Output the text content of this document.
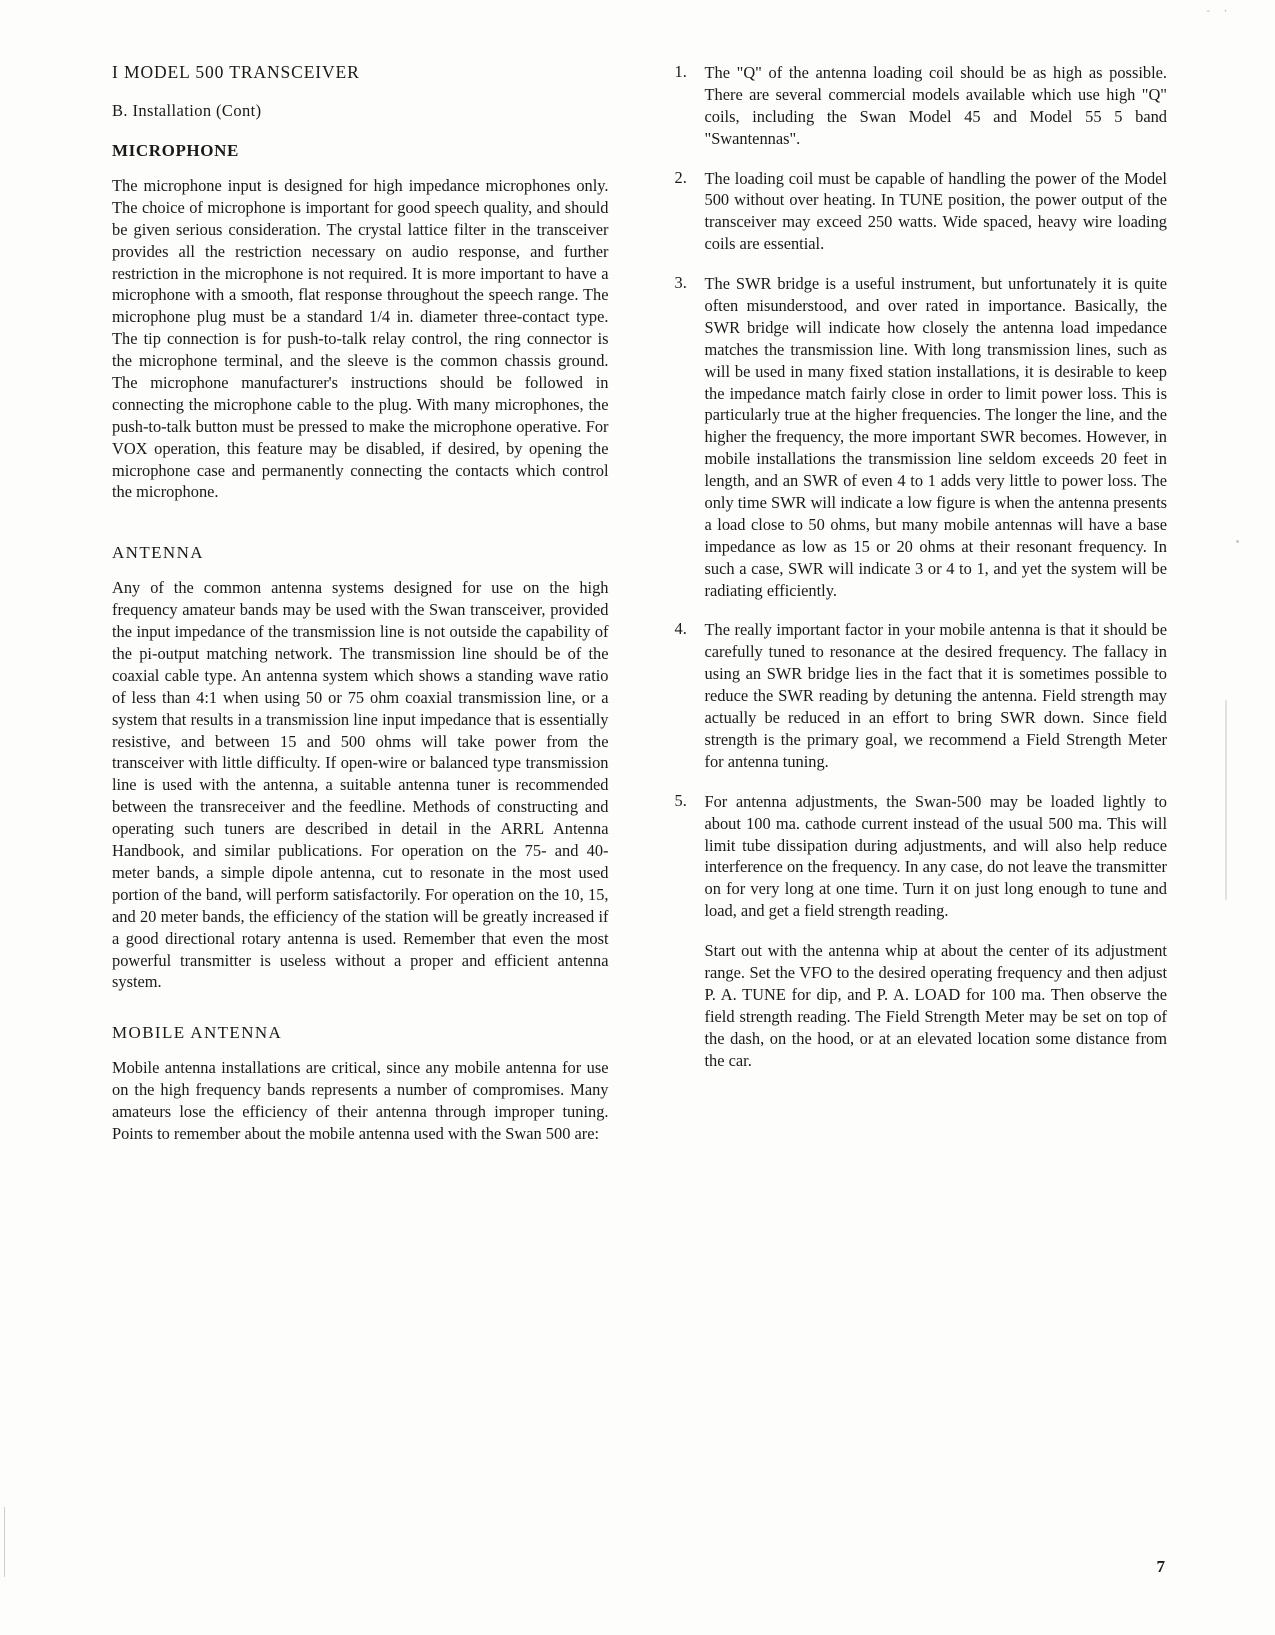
- ·
I MODEL 500 TRANSCEIVER
B. Installation (Cont)
MICROPHONE

The microphone input is designed for high impedance microphones only. The choice of microphone is important for good speech quality, and should be given serious consideration. The crystal lattice filter in the transceiver provides all the restriction necessary on audio response, and further restriction in the microphone is not required. It is more important to have a microphone with a smooth, flat response throughout the speech range. The microphone plug must be a standard 1/4 in. diameter three-contact type. The tip connection is for push-to-talk relay control, the ring connector is the microphone terminal, and the sleeve is the common chassis ground. The microphone manufacturer's instructions should be followed in connecting the microphone cable to the plug. With many microphones, the push-to-talk button must be pressed to make the microphone operative. For VOX operation, this feature may be disabled, if desired, by opening the microphone case and permanently connecting the contacts which control the microphone.

ANTENNA

Any of the common antenna systems designed for use on the high frequency amateur bands may be used with the Swan transceiver, provided the input impedance of the transmission line is not outside the capability of the pi-output matching network. The transmission line should be of the coaxial cable type. An antenna system which shows a standing wave ratio of less than 4:1 when using 50 or 75 ohm coaxial transmission line, or a system that results in a transmission line input impedance that is essentially resistive, and between 15 and 500 ohms will take power from the transceiver with little difficulty. If open-wire or balanced type transmission line is used with the antenna, a suitable antenna tuner is recommended between the transreceiver and the feedline. Methods of constructing and operating such tuners are described in detail in the ARRL Antenna Handbook, and similar publications. For operation on the 75- and 40- meter bands, a simple dipole antenna, cut to resonate in the most used portion of the band, will perform satisfactorily. For operation on the 10, 15, and 20 meter bands, the efficiency of the station will be greatly increased if a good directional rotary antenna is used. Remember that even the most powerful transmitter is useless without a proper and efficient antenna system.

MOBILE ANTENNA

Mobile antenna installations are critical, since any mobile antenna for use on the high frequency bands represents a number of compromises. Many amateurs lose the efficiency of their antenna through improper tuning. Points to remember about the mobile antenna used with the Swan 500 are:

1. The "Q" of the antenna loading coil should be as high as possible. There are several commercial models available which use high "Q" coils, including the Swan Model 45 and Model 55 5 band "Swantennas".
2. The loading coil must be capable of handling the power of the Model 500 without over heating. In TUNE position, the power output of the transceiver may exceed 250 watts. Wide spaced, heavy wire loading coils are essential.
3. The SWR bridge is a useful instrument, but unfortunately it is quite often misunderstood, and over rated in importance. Basically, the SWR bridge will indicate how closely the antenna load impedance matches the transmission line. With long transmission lines, such as will be used in many fixed station installations, it is desirable to keep the impedance match fairly close in order to limit power loss. This is particularly true at the higher frequencies. The longer the line, and the higher the frequency, the more important SWR becomes. However, in mobile installations the transmission line seldom exceeds 20 feet in length, and an SWR of even 4 to 1 adds very little to power loss. The only time SWR will indicate a low figure is when the antenna presents a load close to 50 ohms, but many mobile antennas will have a base impedance as low as 15 or 20 ohms at their resonant frequency. In such a case, SWR will indicate 3 or 4 to 1, and yet the system will be radiating efficiently.
4. The really important factor in your mobile antenna is that it should be carefully tuned to resonance at the desired frequency. The fallacy in using an SWR bridge lies in the fact that it is sometimes possible to reduce the SWR reading by detuning the antenna. Field strength may actually be reduced in an effort to bring SWR down. Since field strength is the primary goal, we recommend a Field Strength Meter for antenna tuning.
5. For antenna adjustments, the Swan-500 may be loaded lightly to about 100 ma. cathode current instead of the usual 500 ma. This will limit tube dissipation during adjustments, and will also help reduce interference on the frequency. In any case, do not leave the transmitter on for very long at one time. Turn it on just long enough to tune and load, and get a field strength reading.

Start out with the antenna whip at about the center of its adjustment range. Set the VFO to the desired operating frequency and then adjust P. A. TUNE for dip, and P. A. LOAD for 100 ma. Then observe the field strength reading. The Field Strength Meter may be set on top of the dash, on the hood, or at an elevated location some distance from the car.

7
